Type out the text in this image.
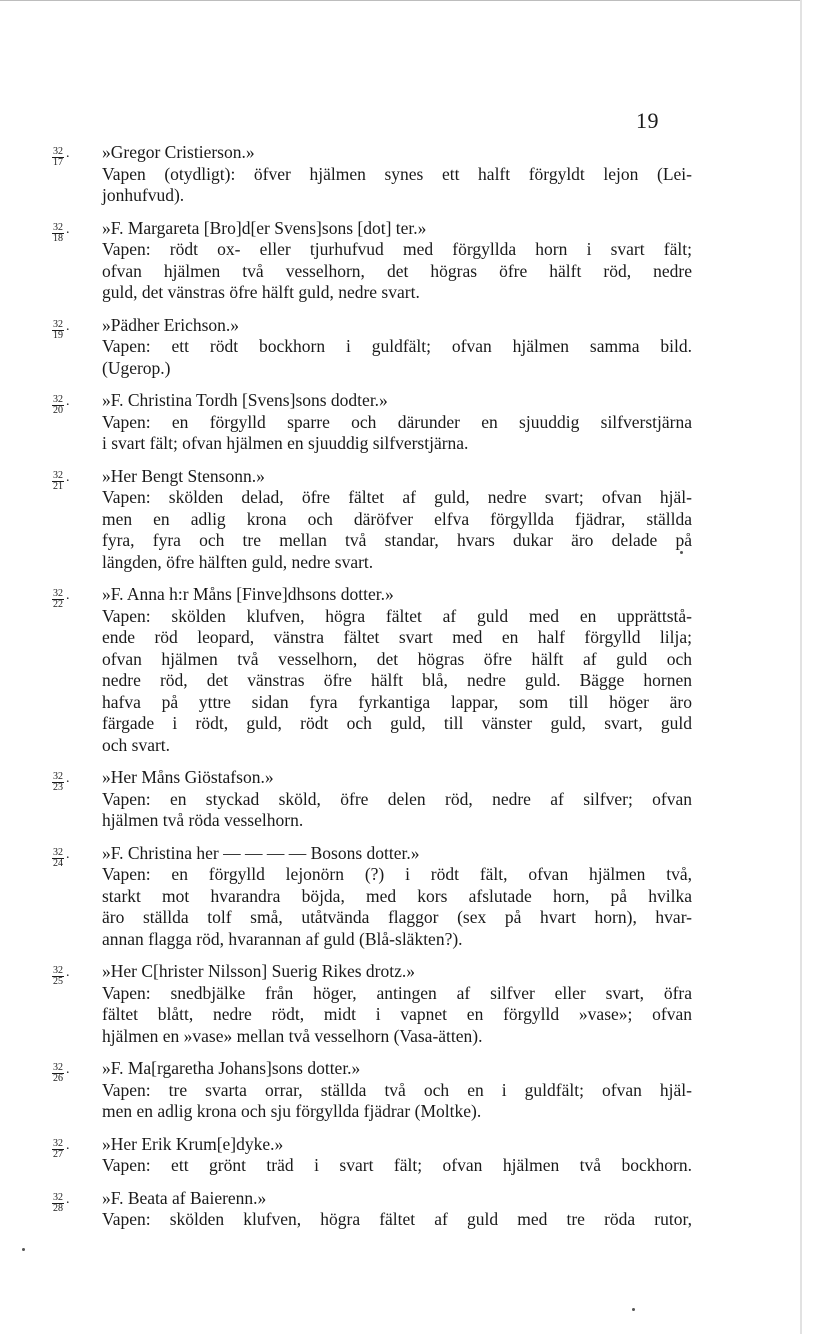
19
$\frac{32}{17}$ . »Gregor Cristierson.»
Vapen (otydligt): öfver hjälmen synes ett halft förgyldt lejon (Lei-
jonhufvud).
$\frac{32}{18}$ . »F. Margareta [Bro]d[er Svens]sons [dot] ter.»
Vapen: rödt ox- eller tjurhufvud med förgyllda horn i svart fält;
ofvan hjälmen två vesselhorn, det högras öfre hälft röd, nedre
guld, det vänstras öfre hälft guld, nedre svart.
$\frac{32}{19}$ . »Pädher Erichson.»
Vapen: ett rödt bockhorn i guldfält; ofvan hjälmen samma bild.
(Ugerop.)
$\frac{32}{20}$ . »F. Christina Tordh [Svens]sons dodter.»
Vapen: en förgylld sparre och därunder en sjuuddig silfverstjärna
i svart fält; ofvan hjälmen en sjuuddig silfverstjärna.
$\frac{32}{21}$ . »Her Bengt Stensonn.»
Vapen: skölden delad, öfre fältet af guld, nedre svart; ofvan hjäl-
men en adlig krona och däröfver elfva förgyllda fjädrar, ställda
fyra, fyra och tre mellan två standar, hvars dukar äro delade på
längden, öfre hälften guld, nedre svart.
$\frac{32}{22}$ . »F. Anna h:r Måns [Finve]dhsons dotter.»
Vapen: skölden klufven, högra fältet af guld med en upprättstå-
ende röd leopard, vänstra fältet svart med en half förgylld lilja;
ofvan hjälmen två vesselhorn, det högras öfre hälft af guld och
nedre röd, det vänstras öfre hälft blå, nedre guld. Bägge hornen
hafva på yttre sidan fyra fyrkantiga lappar, som till höger äro
färgade i rödt, guld, rödt och guld, till vänster guld, svart, guld
och svart.
$\frac{32}{23}$ . »Her Måns Giöstafson.»
Vapen: en styckad sköld, öfre delen röd, nedre af silfver; ofvan
hjälmen två röda vesselhorn.
$\frac{32}{24}$ . »F. Christina her — — — — Bosons dotter.»
Vapen: en förgylld lejonörn (?) i rödt fält, ofvan hjälmen två,
starkt mot hvarandra böjda, med kors afslutade horn, på hvilka
äro ställda tolf små, utåtvända flaggor (sex på hvart horn), hvar-
annan flagga röd, hvarannan af guld (Blå-släkten?).
$\frac{32}{25}$ . »Her C[hrister Nilsson] Suerig Rikes drotz.»
Vapen: snedbjälke från höger, antingen af silfver eller svart, öfra
fältet blått, nedre rödt, midt i vapnet en förgylld »vase»; ofvan
hjälmen en »vase» mellan två vesselhorn (Vasa-ätten).
$\frac{32}{26}$ . »F. Ma[rgaretha Johans]sons dotter.»
Vapen: tre svarta orrar, ställda två och en i guldfält; ofvan hjäl-
men en adlig krona och sju förgyllda fjädrar (Moltke).
$\frac{32}{27}$ . »Her Erik Krum[e]dyke.»
Vapen: ett grönt träd i svart fält; ofvan hjälmen två bockhorn.
$\frac{32}{28}$ . »F. Beata af Baierenn.»
Vapen: skölden klufven, högra fältet af guld med tre röda rutor,
